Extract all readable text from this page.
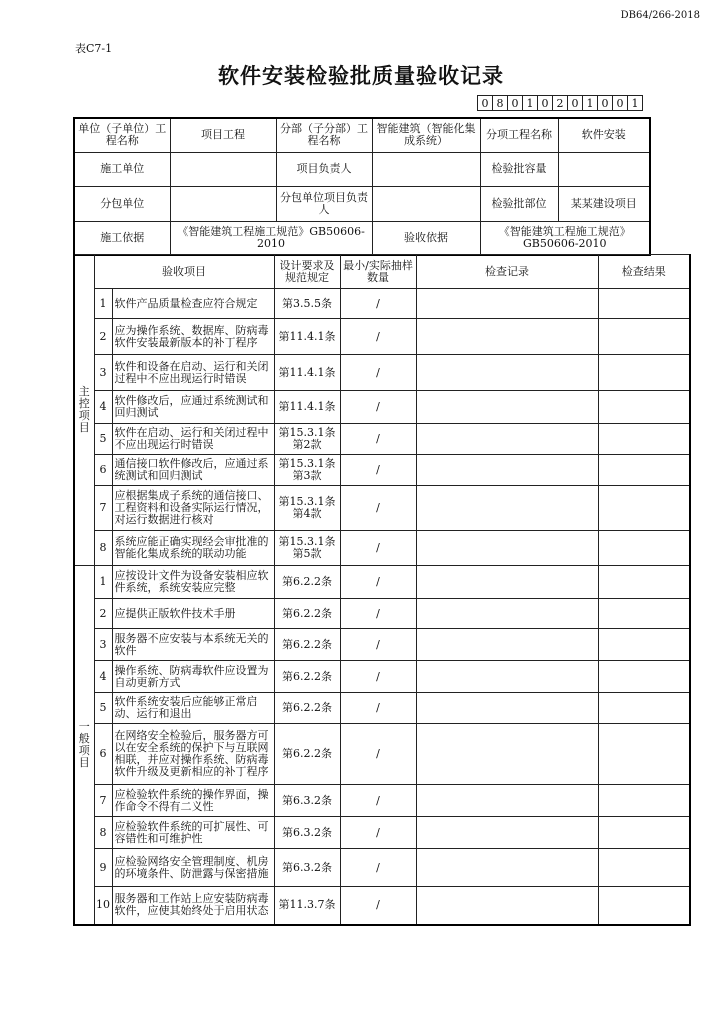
DB64/266-2018
表C7-1
软件安装检验批质量验收记录
0 8 0 1 0 2 0 1 0 0 1
单位（子单位）工程名称	项目工程	分部（子分部）工程名称	智能建筑（智能化集成系统）	分项工程名称	软件安装
施工单位		项目负责人		检验批容量	
分包单位		分包单位项目负责人		检验批部位	某某建设项目
施工依据	《智能建筑工程施工规范》GB50606-2010		验收依据	《智能建筑工程施工规范》GB50606-2010	
主
控
项
目	验收项目		设计要求及规范规定	最小/实际抽样数量	检查记录	检查结果
	1	软件产品质量检查应符合规定	第3.5.5条	/		
	2	应为操作系统、数据库、防病毒软件安装最新版本的补丁程序	第11.4.1条	/		
	3	软件和设备在启动、运行和关闭过程中不应出现运行时错误	第11.4.1条	/		
	4	软件修改后，应通过系统测试和回归测试	第11.4.1条	/		
	5	软件在启动、运行和关闭过程中不应出现运行时错误	第15.3.1条第2款	/		
	6	通信接口软件修改后，应通过系统测试和回归测试	第15.3.1条第3款	/		
	7	应根据集成子系统的通信接口、工程资料和设备实际运行情况，对运行数据进行核对	第15.3.1条第4款	/		
	8	系统应能正确实现经会审批准的智能化集成系统的联动功能	第15.3.1条第5款	/		

一
般
项
目	1	应按设计文件为设备安装相应软件系统，系统安装应完整	第6.2.2条	/		
	2	应提供正版软件技术手册	第6.2.2条	/		
	3	服务器不应安装与本系统无关的软件	第6.2.2条	/		
	4	操作系统、防病毒软件应设置为自动更新方式	第6.2.2条	/		
	5	软件系统安装后应能够正常启动、运行和退出	第6.2.2条	/		
	6	在网络安全检验后，服务器方可以在安全系统的保护下与互联网相联，并应对操作系统、防病毒软件升级及更新相应的补丁程序	第6.2.2条	/		
	7	应检验软件系统的操作界面，操作命令不得有二义性	第6.3.2条	/		
	8	应检验软件系统的可扩展性、可容错性和可维护性	第6.3.2条	/		
	9	应检验网络安全管理制度、机房的环境条件、防泄露与保密措施	第6.3.2条	/		
	10	服务器和工作站上应安装防病毒软件，应使其始终处于启用状态	第11.3.7条	/		
